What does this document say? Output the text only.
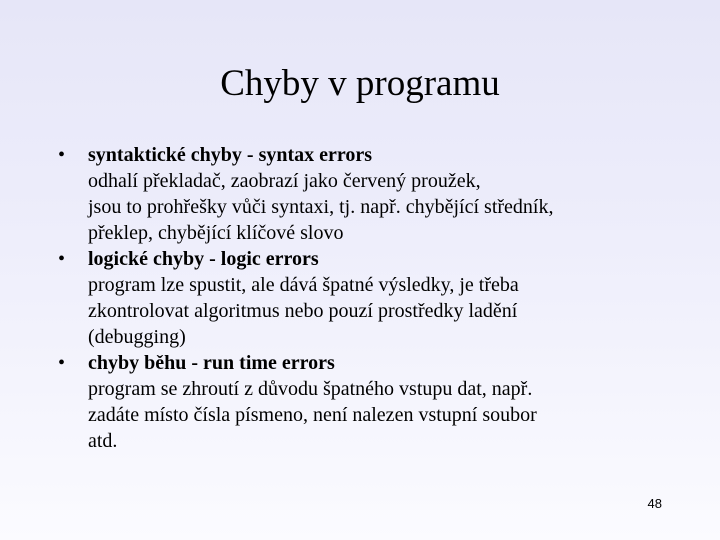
Chyby v programu
• syntaktické chyby - syntax errors
odhalí překladač, zaobrazí jako červený proužek,
jsou to prohřešky vůči syntaxi, tj. např. chybějící středník,
překlep, chybějící klíčové slovo
• logické chyby - logic errors
program lze spustit, ale dává špatné výsledky, je třeba
zkontrolovat algoritmus nebo pouzí prostředky ladění
(debugging)
• chyby běhu - run time errors
program se zhroutí z důvodu špatného vstupu dat, např.
zadáte místo čísla písmeno, není nalezen vstupní soubor
atd.
48
